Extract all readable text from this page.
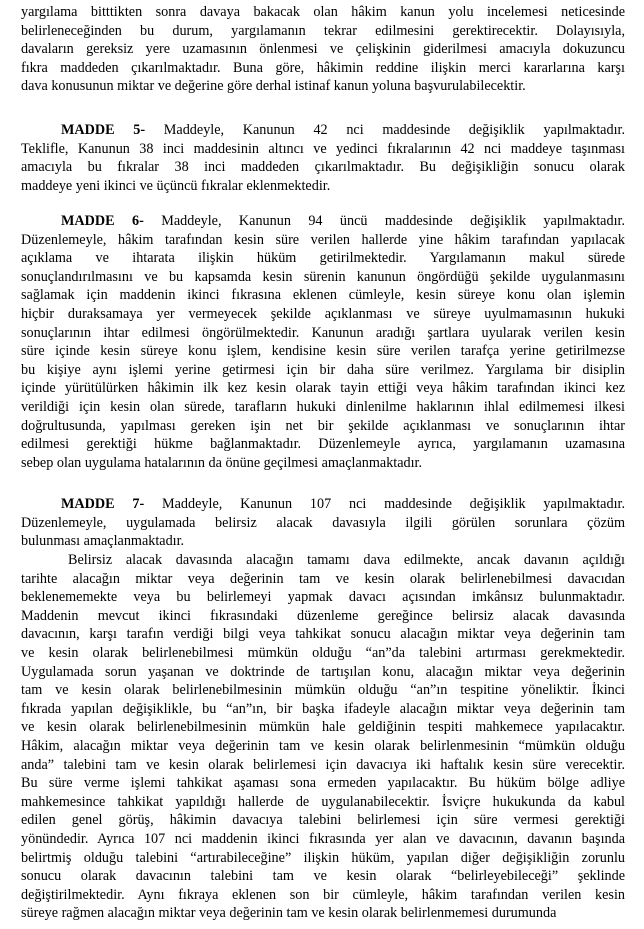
yargılama bitttikten sonra davaya bakacak olan hâkim kanun yolu incelemesi neticesinde
belirleneceğinden bu durum, yargılamanın tekrar edilmesini gerektirecektir. Dolayısıyla,
davaların gereksiz yere uzamasının önlenmesi ve çelişkinin giderilmesi amacıyla dokuzuncu
fıkra maddeden çıkarılmaktadır. Buna göre, hâkimin reddine ilişkin merci kararlarına karşı
dava konusunun miktar ve değerine göre derhal istinaf kanun yoluna başvurulabilecektir.
MADDE 5- Maddeyle, Kanunun 42 nci maddesinde değişiklik yapılmaktadır.
Teklifle, Kanunun 38 inci maddesinin altıncı ve yedinci fıkralarının 42 nci maddeye taşınması
amacıyla bu fıkralar 38 inci maddeden çıkarılmaktadır. Bu değişikliğin sonucu olarak
maddeye yeni ikinci ve üçüncü fıkralar eklenmektedir.
MADDE 6- Maddeyle, Kanunun 94 üncü maddesinde değişiklik yapılmaktadır.
Düzenlemeyle, hâkim tarafından kesin süre verilen hallerde yine hâkim tarafından yapılacak
açıklama ve ihtarata ilişkin hüküm getirilmektedir. Yargılamanın makul sürede
sonuçlandırılmasını ve bu kapsamda kesin sürenin kanunun öngördüğü şekilde uygulanmasını
sağlamak için maddenin ikinci fıkrasına eklenen cümleyle, kesin süreye konu olan işlemin
hiçbir duraksamaya yer vermeyecek şekilde açıklanması ve süreye uyulmamasının hukuki
sonuçlarının ihtar edilmesi öngörülmektedir. Kanunun aradığı şartlara uyularak verilen kesin
süre içinde kesin süreye konu işlem, kendisine kesin süre verilen tarafça yerine getirilmezse
bu kişiye aynı işlemi yerine getirmesi için bir daha süre verilmez. Yargılama bir disiplin
içinde yürütülürken hâkimin ilk kez kesin olarak tayin ettiği veya hâkim tarafından ikinci kez
verildiği için kesin olan sürede, tarafların hukuki dinlenilme haklarının ihlal edilmemesi ilkesi
doğrultusunda, yapılması gereken işin net bir şekilde açıklanması ve sonuçlarının ihtar
edilmesi gerektiği hükme bağlanmaktadır. Düzenlemeyle ayrıca, yargılamanın uzamasına
sebep olan uygulama hatalarının da önüne geçilmesi amaçlanmaktadır.
MADDE 7- Maddeyle, Kanunun 107 nci maddesinde değişiklik yapılmaktadır.
Düzenlemeyle, uygulamada belirsiz alacak davasıyla ilgili görülen sorunlara çözüm
bulunması amaçlanmaktadır.
Belirsiz alacak davasında alacağın tamamı dava edilmekte, ancak davanın açıldığı
tarihte alacağın miktar veya değerinin tam ve kesin olarak belirlenebilmesi davacıdan
beklenememekte veya bu belirlemeyi yapmak davacı açısından imkânsız bulunmaktadır.
Maddenin mevcut ikinci fıkrasındaki düzenleme gereğince belirsiz alacak davasında
davacının, karşı tarafın verdiği bilgi veya tahkikat sonucu alacağın miktar veya değerinin tam
ve kesin olarak belirlenebilmesi mümkün olduğu “an”da talebini artırması gerekmektedir.
Uygulamada sorun yaşanan ve doktrinde de tartışılan konu, alacağın miktar veya değerinin
tam ve kesin olarak belirlenebilmesinin mümkün olduğu “an”ın tespitine yöneliktir. İkinci
fıkrada yapılan değişiklikle, bu “an”ın, bir başka ifadeyle alacağın miktar veya değerinin tam
ve kesin olarak belirlenebilmesinin mümkün hale geldiğinin tespiti mahkemece yapılacaktır.
Hâkim, alacağın miktar veya değerinin tam ve kesin olarak belirlenmesinin “mümkün olduğu
anda” talebini tam ve kesin olarak belirlemesi için davacıya iki haftalık kesin süre verecektir.
Bu süre verme işlemi tahkikat aşaması sona ermeden yapılacaktır. Bu hüküm bölge adliye
mahkemesince tahkikat yapıldığı hallerde de uygulanabilecektir. İsviçre hukukunda da kabul
edilen genel görüş, hâkimin davacıya talebini belirlemesi için süre vermesi gerektiği
yönündedir. Ayrıca 107 nci maddenin ikinci fıkrasında yer alan ve davacının, davanın başında
belirtmiş olduğu talebini “artırabileceğine” ilişkin hüküm, yapılan diğer değişikliğin zorunlu
sonucu olarak davacının talebini tam ve kesin olarak “belirleyebileceği” şeklinde
değiştirilmektedir. Aynı fıkraya eklenen son bir cümleyle, hâkim tarafından verilen kesin
süreye rağmen alacağın miktar veya değerinin tam ve kesin olarak belirlenmemesi durumunda
